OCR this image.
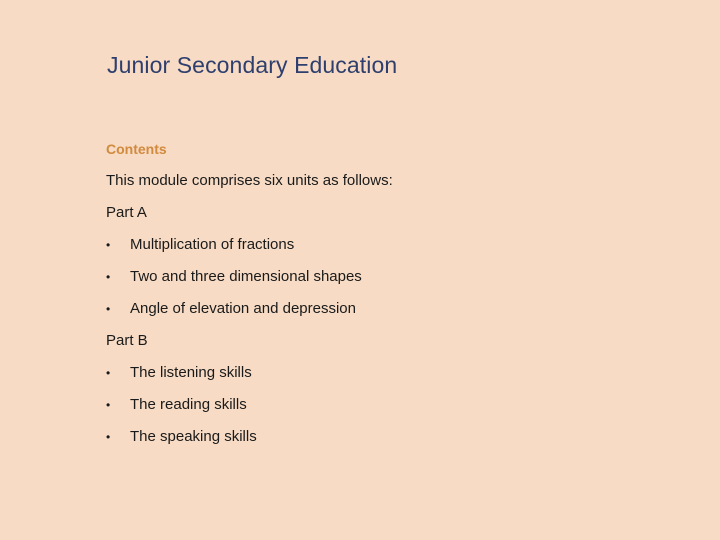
Junior Secondary Education
Contents
This module comprises six units as follows:
Part A
•	Multiplication of fractions
•	Two and three dimensional shapes
•	Angle of elevation and depression
Part B
•	The listening skills
•	The reading skills
•	The speaking skills
